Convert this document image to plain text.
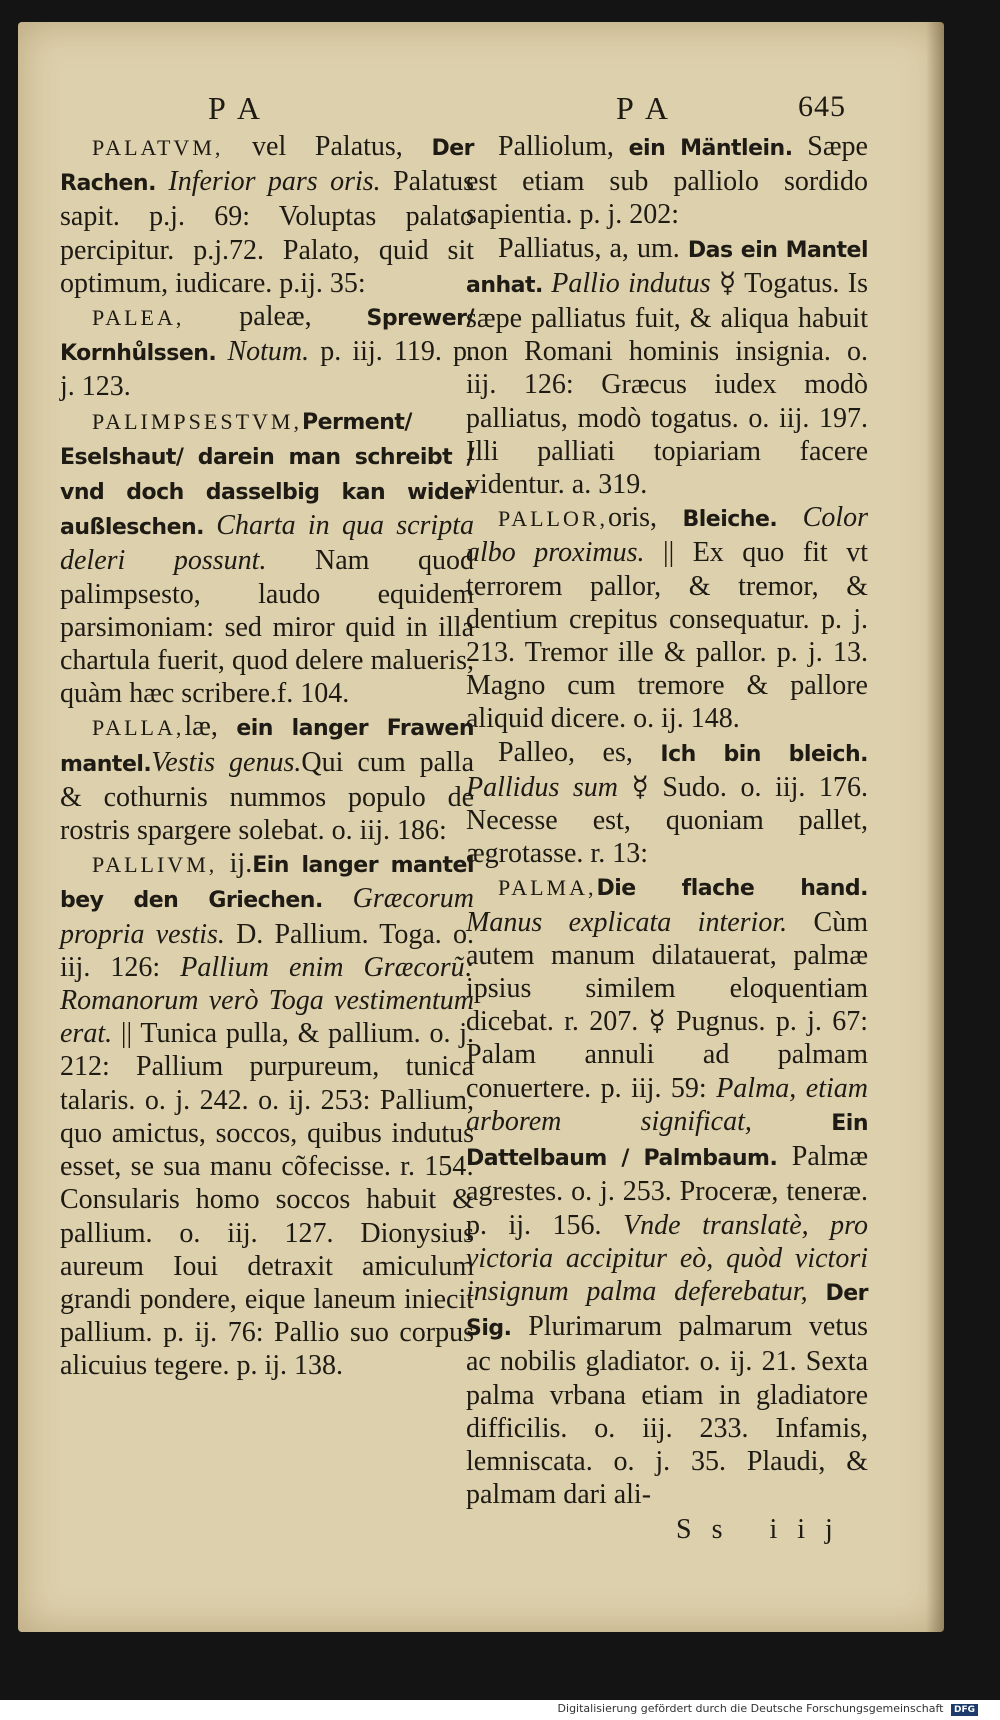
PA	PA	645

PALATVM, vel Palatus, Der Rachen. Inferior pars oris. Palatus sapit. p.j. 69: Voluptas palato percipitur. p.j.72. Palato, quid sit optimum, iudicare. p.ij. 35:

PALEA, paleæ, Sprewer/ Kornhůlssen. Notum. p. iij. 119. p. j. 123.

PALIMPSESTVM,Perment/ Eselshaut/ darein man schreibt / vnd doch dasselbig kan wider außleschen. Charta in qua scripta deleri possunt. Nam quod palimpsesto, laudo equidem parsimoniam: sed miror quid in illa chartula fuerit, quod delere malueris, quàm hæc scribere.f. 104.

PALLA,læ, ein langer Frawen mantel.Vestis genus.Qui cum palla & cothurnis nummos populo de rostris spargere solebat. o. iij. 186:

PALLIVM, ij.Ein langer mantel bey den Griechen. Græcorum propria vestis. D. Pallium. Toga. o. iij. 126: Pallium enim Græcorũ: Romanorum verò Toga vestimentum erat. || Tunica pulla, & pallium. o. j. 212: Pallium purpureum, tunica talaris. o. j. 242. o. ij. 253: Pallium, quo amictus, soccos, quibus indutus esset, se sua manu cõfecisse. r. 154: Consularis homo soccos habuit & pallium. o. iij. 127. Dionysius aureum Ioui detraxit amiculum grandi pondere, eique laneum iniecit pallium. p. ij. 76: Pallio suo corpus alicuius tegere. p. ij. 138.

Palliolum, ein Mäntlein. Sæpe est etiam sub palliolo sordido sapientia. p. j. 202:

Palliatus, a, um. Das ein Mantel anhat. Pallio indutus ☿ Togatus. Is sæpe palliatus fuit, & aliqua habuit non Romani hominis insignia. o. iij. 126: Græcus iudex modò palliatus, modò togatus. o. iij. 197. Illi palliati topiariam facere videntur. a. 319.

PALLOR,oris, Bleiche. Color albo proximus. || Ex quo fit vt terrorem pallor, & tremor, & dentium crepitus consequatur. p. j. 213. Tremor ille & pallor. p. j. 13. Magno cum tremore & pallore aliquid dicere. o. ij. 148.

Palleo, es, Ich bin bleich. Pallidus sum ☿ Sudo. o. iij. 176. Necesse est, quoniam pallet, ægrotasse. r. 13:

PALMA,Die flache hand. Manus explicata interior. Cùm autem manum dilatauerat, palmæ ipsius similem eloquentiam dicebat. r. 207. ☿ Pugnus. p. j. 67: Palam annuli ad palmam conuertere. p. iij. 59: Palma, etiam arborem significat, Ein Dattelbaum / Palmbaum. Palmæ agrestes. o. j. 253. Proceræ, teneræ. p. ij. 156. Vnde translatè, pro victoria accipitur eò, quòd victori insignum palma deferebatur, Der Sig. Plurimarum palmarum vetus ac nobilis gladiator. o. ij. 21. Sexta palma vrbana etiam in gladiatore difficilis. o. iij. 233. Infamis, lemniscata. o. j. 35. Plaudi, & palmam dari ali-

Ss iij
Digitalisierung gefördert durch die Deutsche Forschungsgemeinschaft DFG
